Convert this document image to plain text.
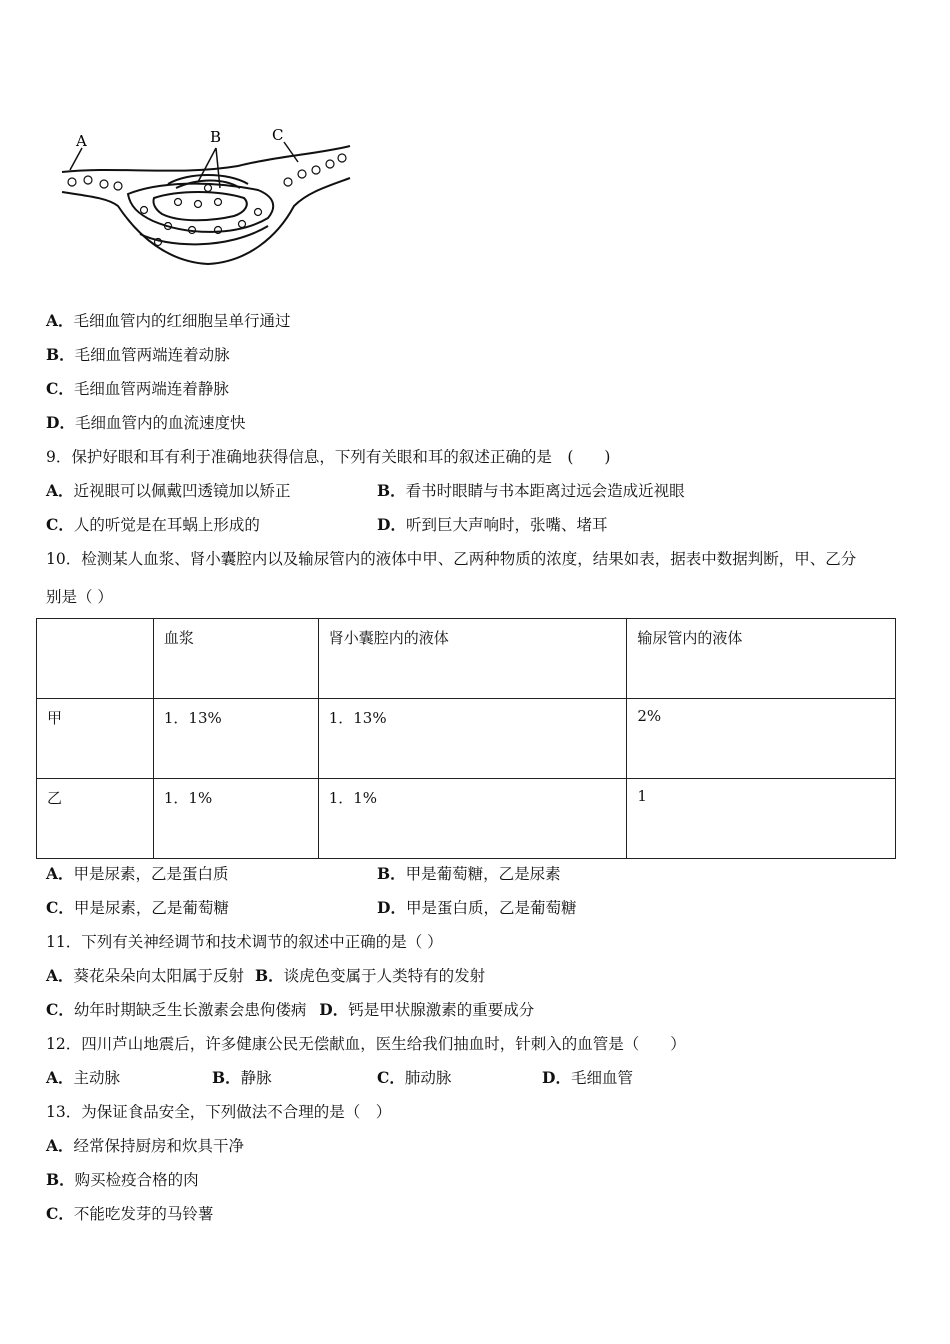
A	B	C
A．毛细血管内的红细胞呈单行通过
B．毛细血管两端连着动脉
C．毛细血管两端连着静脉
D．毛细血管内的血流速度快
9．保护好眼和耳有利于准确地获得信息，下列有关眼和耳的叙述正确的是　(　　)
A．近视眼可以佩戴凹透镜加以矫正	B．看书时眼睛与书本距离过远会造成近视眼
C．人的听觉是在耳蜗上形成的	D．听到巨大声响时，张嘴、堵耳
10．检测某人血浆、肾小囊腔内以及输尿管内的液体中甲、乙两种物质的浓度，结果如表，据表中数据判断，甲、乙分
别是（ ）
	血浆	肾小囊腔内的液体	输尿管内的液体
甲	1．13%	1．13%	2%
乙	1．1%	1．1%	1
A．甲是尿素，乙是蛋白质	B．甲是葡萄糖，乙是尿素
C．甲是尿素，乙是葡萄糖	D．甲是蛋白质，乙是葡萄糖
11．下列有关神经调节和技术调节的叙述中正确的是（ ）
A．葵花朵朵向太阳属于反射 B．谈虎色变属于人类特有的发射
C．幼年时期缺乏生长激素会患佝偻病 D．钙是甲状腺激素的重要成分
12．四川芦山地震后，许多健康公民无偿献血，医生给我们抽血时，针刺入的血管是（　　）
A．主动脉	B．静脉	C．肺动脉	D．毛细血管
13．为保证食品安全，下列做法不合理的是（　）
A．经常保持厨房和炊具干净
B．购买检疫合格的肉
C．不能吃发芽的马铃薯
